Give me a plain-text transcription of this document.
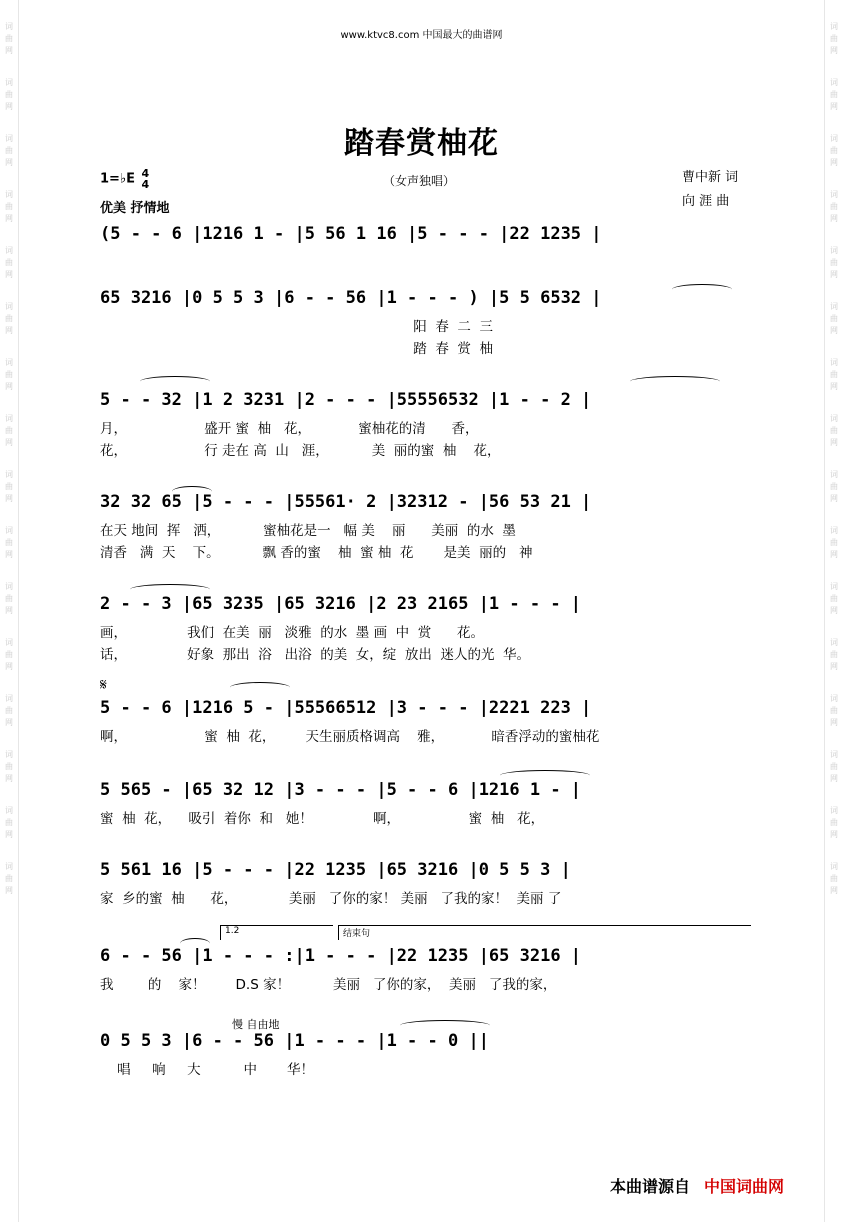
词
曲
网
词
曲
网
词
曲
网
词
曲
网
词
曲
网
词
曲
网
词
曲
网
词
曲
网
词
曲
网
词
曲
网
词
曲
网
词
曲
网
词
曲
网
词
曲
网
词
曲
网
词
曲
网
词
曲
网
词
曲
网
词
曲
网
词
曲
网
词
曲
网
词
曲
网
词
曲
网
词
曲
网
词
曲
网
词
曲
网
词
曲
网
词
曲
网
词
曲
网
词
曲
网
词
曲
网
词
曲
网
www.ktvc8.com 中国最大的曲谱网
踏春赏柚花
1=♭E 4
4
优美 抒情地
（女声独唱）	曹中新 词
向 涯 曲
(5 - - 6 |1216 1 - |5 56 1 16 |5 - - - |22 1235 |
65 3216 |0 5 5 3 |6 - - 56 |1 - - - ) |5 5 6532 |
阳  春  二  三
踏  春  赏  柚
5 - - 32 |1 2 3231 |2 - - - |55556532 |1 - - 2 |
月，                  盛开 蜜  柚   花，           蜜柚花的清      香，
花，                  行 走在 高  山   涯，          美  丽的蜜  柚    花，
32 32 65 |5 - - - |55561· 2 |32312 - |56 53 21 |
在天 地间  挥   洒，          蜜柚花是一   幅 美    丽      美丽  的水  墨
清香   满  天    下。          飘 香的蜜    柚  蜜 柚  花       是美  丽的   神
2 - - 3 |65 3235 |65 3216 |2 23 2165 |1 - - - |
画，              我们  在美  丽   淡雅  的水  墨 画  中  赏      花。
话，              好象  那出  浴   出浴  的美  女，绽  放出  迷人的光  华。
5 - - 6 |1216 5 - |55566512 |3 - - - |2221 223 |
啊，                  蜜  柚  花，       天生丽质格调高    雅，           暗香浮动的蜜柚花
5 565 - |65 32 12 |3 - - - |5 - - 6 |1216 1 - |
蜜  柚  花，    吸引  着你  和   她！              啊，                蜜  柚   花，
5 561 16 |5 - - - |22 1235 |65 3216 |0 5 5 3 |
家  乡的蜜  柚      花，            美丽   了你的家！ 美丽   了我的家！  美丽 了
6 - - 56 |1 - - - :|1 - - - |22 1235 |65 3216 |
我        的    家！       D.S 家！          美丽   了你的家，  美丽   了我的家，
0 5 5 3 |6 - - 56 |1 - - - |1 - - 0 ||
唱     响     大          中       华！
𝄋
1.2	结束句
慢 自由地
本曲谱源自 中国词曲网
